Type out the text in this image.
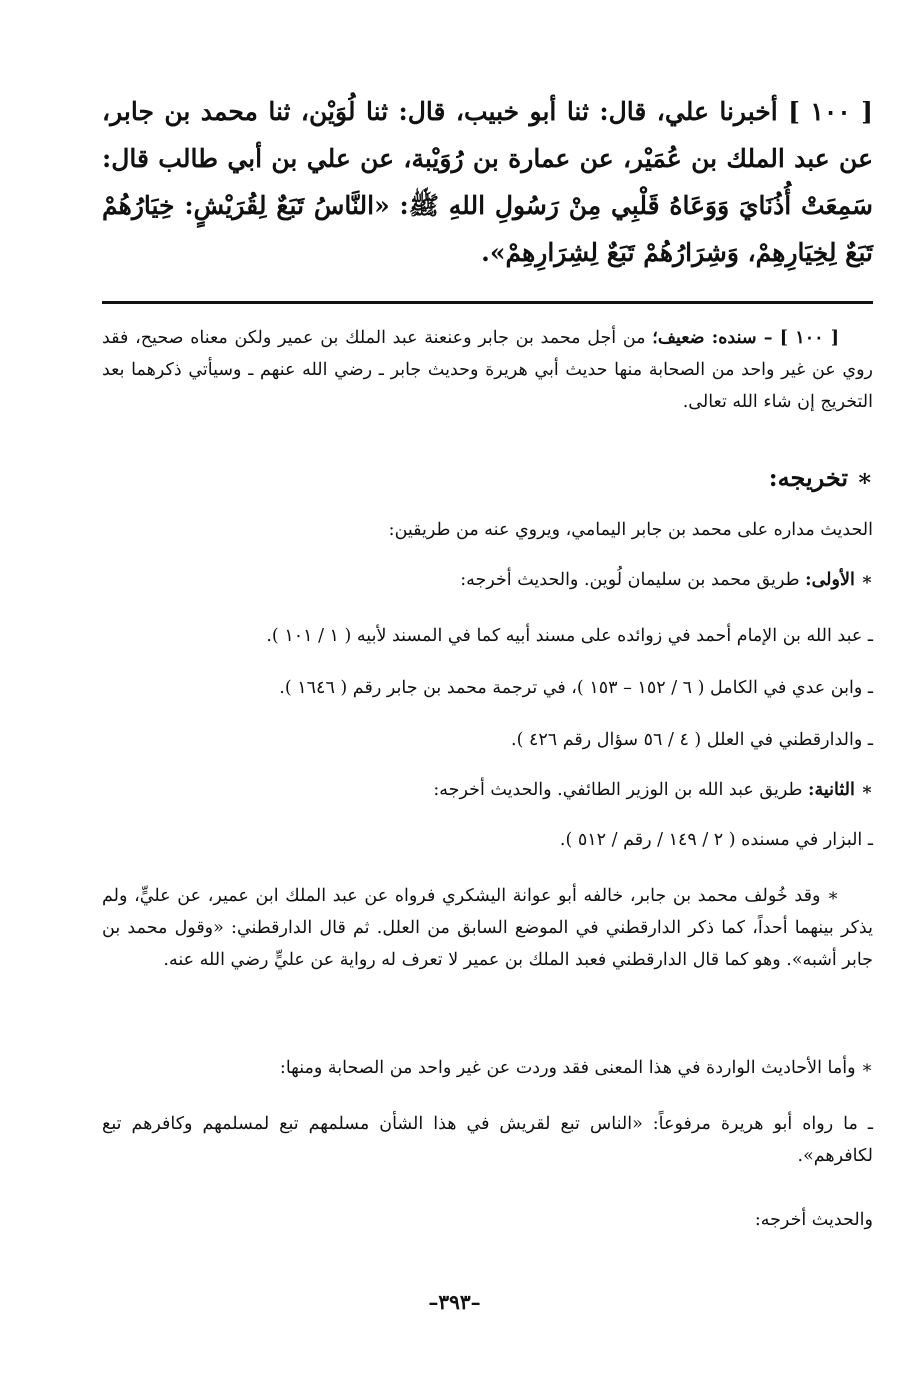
[ ١٠٠ ] أخبرنا علي، قال: ثنا أبو خبيب، قال: ثنا لُوَيْن، ثنا محمد بن جابر، عن عبد الملك بن عُمَيْر، عن عمارة بن رُوَيْبة، عن علي بن أبي طالب قال: سَمِعَتْ أُذُنَايَ وَوَعَاهُ قَلْبِي مِنْ رَسُولِ اللهِ ﷺ: «النَّاسُ تَبَعٌ لِقُرَيْشٍ: خِيَارُهُمْ تَبَعٌ لِخِيَارِهِمْ، وَشِرَارُهُمْ تَبَعٌ لِشِرَارِهِمْ».

[ ١٠٠ ] – سنده: ضعيف؛ من أجل محمد بن جابر وعنعنة عبد الملك بن عمير ولكن معناه صحيح، فقد روي عن غير واحد من الصحابة منها حديث أبي هريرة وحديث جابر ـ رضي الله عنهم ـ وسيأتي ذكرهما بعد التخريج إن شاء الله تعالى.

∗ تخريجه:

الحديث مداره على محمد بن جابر اليمامي، ويروي عنه من طريقين:

∗ الأولى: طريق محمد بن سليمان لُوين. والحديث أخرجه:

ـ عبد الله بن الإمام أحمد في زوائده على مسند أبيه كما في المسند لأبيه ( ١ / ١٠١ ).

ـ وابن عدي في الكامل ( ٦ / ١٥٢ – ١٥٣ )، في ترجمة محمد بن جابر رقم ( ١٦٤٦ ).

ـ والدارقطني في العلل ( ٤ / ٥٦ سؤال رقم ٤٢٦ ).

∗ الثانية: طريق عبد الله بن الوزير الطائفي. والحديث أخرجه:

ـ البزار في مسنده ( ٢ / ١٤٩ / رقم / ٥١٢ ).

∗ وقد خُولف محمد بن جابر، خالفه أبو عوانة اليشكري فرواه عن عبد الملك ابن عمير، عن عليٍّ، ولم يذكر بينهما أحداً، كما ذكر الدارقطني في الموضع السابق من العلل. ثم قال الدارقطني: «وقول محمد بن جابر أشبه». وهو كما قال الدارقطني فعبد الملك بن عمير لا تعرف له رواية عن عليٍّ رضي الله عنه.

∗ وأما الأحاديث الواردة في هذا المعنى فقد وردت عن غير واحد من الصحابة ومنها:

ـ ما رواه أبو هريرة مرفوعاً: «الناس تبع لقريش في هذا الشأن مسلمهم تبع لمسلمهم وكافرهم تبع لكافرهم».

والحديث أخرجه:

–٣٩٣–
